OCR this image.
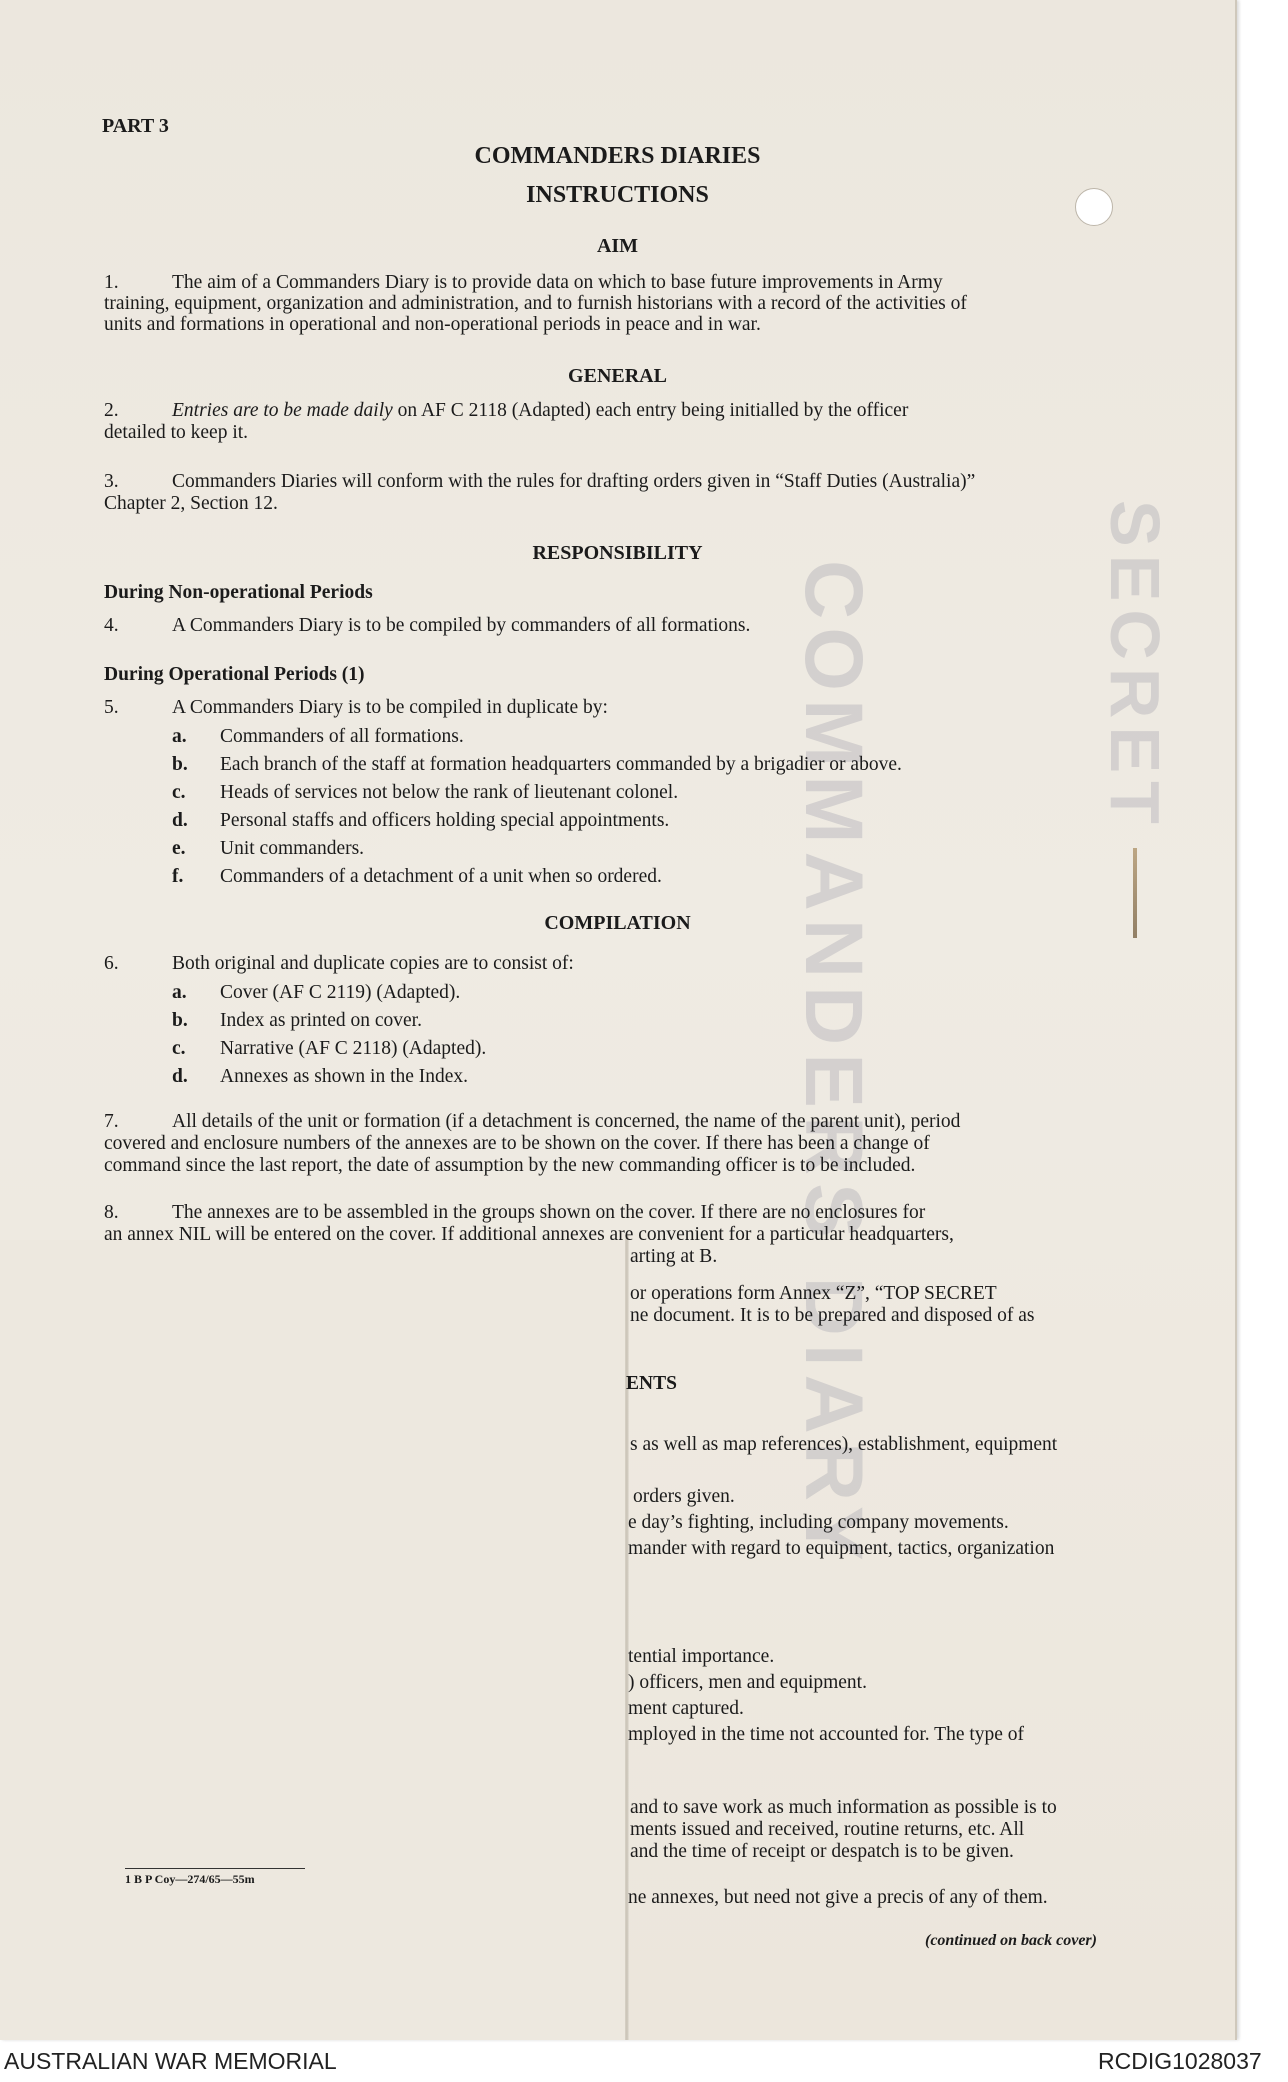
COMMANDERS DIARY	SECRET
PART 3
COMMANDERS DIARIES
INSTRUCTIONS
AIM
1.	The aim of a Commanders Diary is to provide data on which to base future improvements in Army
training, equipment, organization and administration, and to furnish historians with a record of the activities of
units and formations in operational and non-operational periods in peace and in war.
GENERAL
2.	Entries are to be made daily on AF C 2118 (Adapted) each entry being initialled by the officer
detailed to keep it.
3.	Commanders Diaries will conform with the rules for drafting orders given in “Staff Duties (Australia)”
Chapter 2, Section 12.
RESPONSIBILITY
During Non-operational Periods
4.	A Commanders Diary is to be compiled by commanders of all formations.
During Operational Periods (1)
5.	A Commanders Diary is to be compiled in duplicate by:
a. Commanders of all formations.
b. Each branch of the staff at formation headquarters commanded by a brigadier or above.
c. Heads of services not below the rank of lieutenant colonel.
d. Personal staffs and officers holding special appointments.
e. Unit commanders.
f. Commanders of a detachment of a unit when so ordered.
COMPILATION
6.	Both original and duplicate copies are to consist of:
a. Cover (AF C 2119) (Adapted).
b. Index as printed on cover.
c. Narrative (AF C 2118) (Adapted).
d. Annexes as shown in the Index.
7.	All details of the unit or formation (if a detachment is concerned, the name of the parent unit), period
covered and enclosure numbers of the annexes are to be shown on the cover. If there has been a change of
command since the last report, the date of assumption by the new commanding officer is to be included.
8.	The annexes are to be assembled in the groups shown on the cover. If there are no enclosures for
an annex NIL will be entered on the cover. If additional annexes are convenient for a particular headquarters,
arting at B.
or operations form Annex “Z”, “TOP SECRET
ne document. It is to be prepared and disposed of as
ENTS
s as well as map references), establishment, equipment
orders given.
e day’s fighting, including company movements.
mander with regard to equipment, tactics, organization
tential importance.
) officers, men and equipment.
ment captured.
mployed in the time not accounted for. The type of
and to save work as much information as possible is to
ments issued and received, routine returns, etc. All
and the time of receipt or despatch is to be given.
ne annexes, but need not give a precis of any of them.
1 B P Coy—274/65—55m
(continued on back cover)
AUSTRALIAN WAR MEMORIAL	RCDIG1028037
